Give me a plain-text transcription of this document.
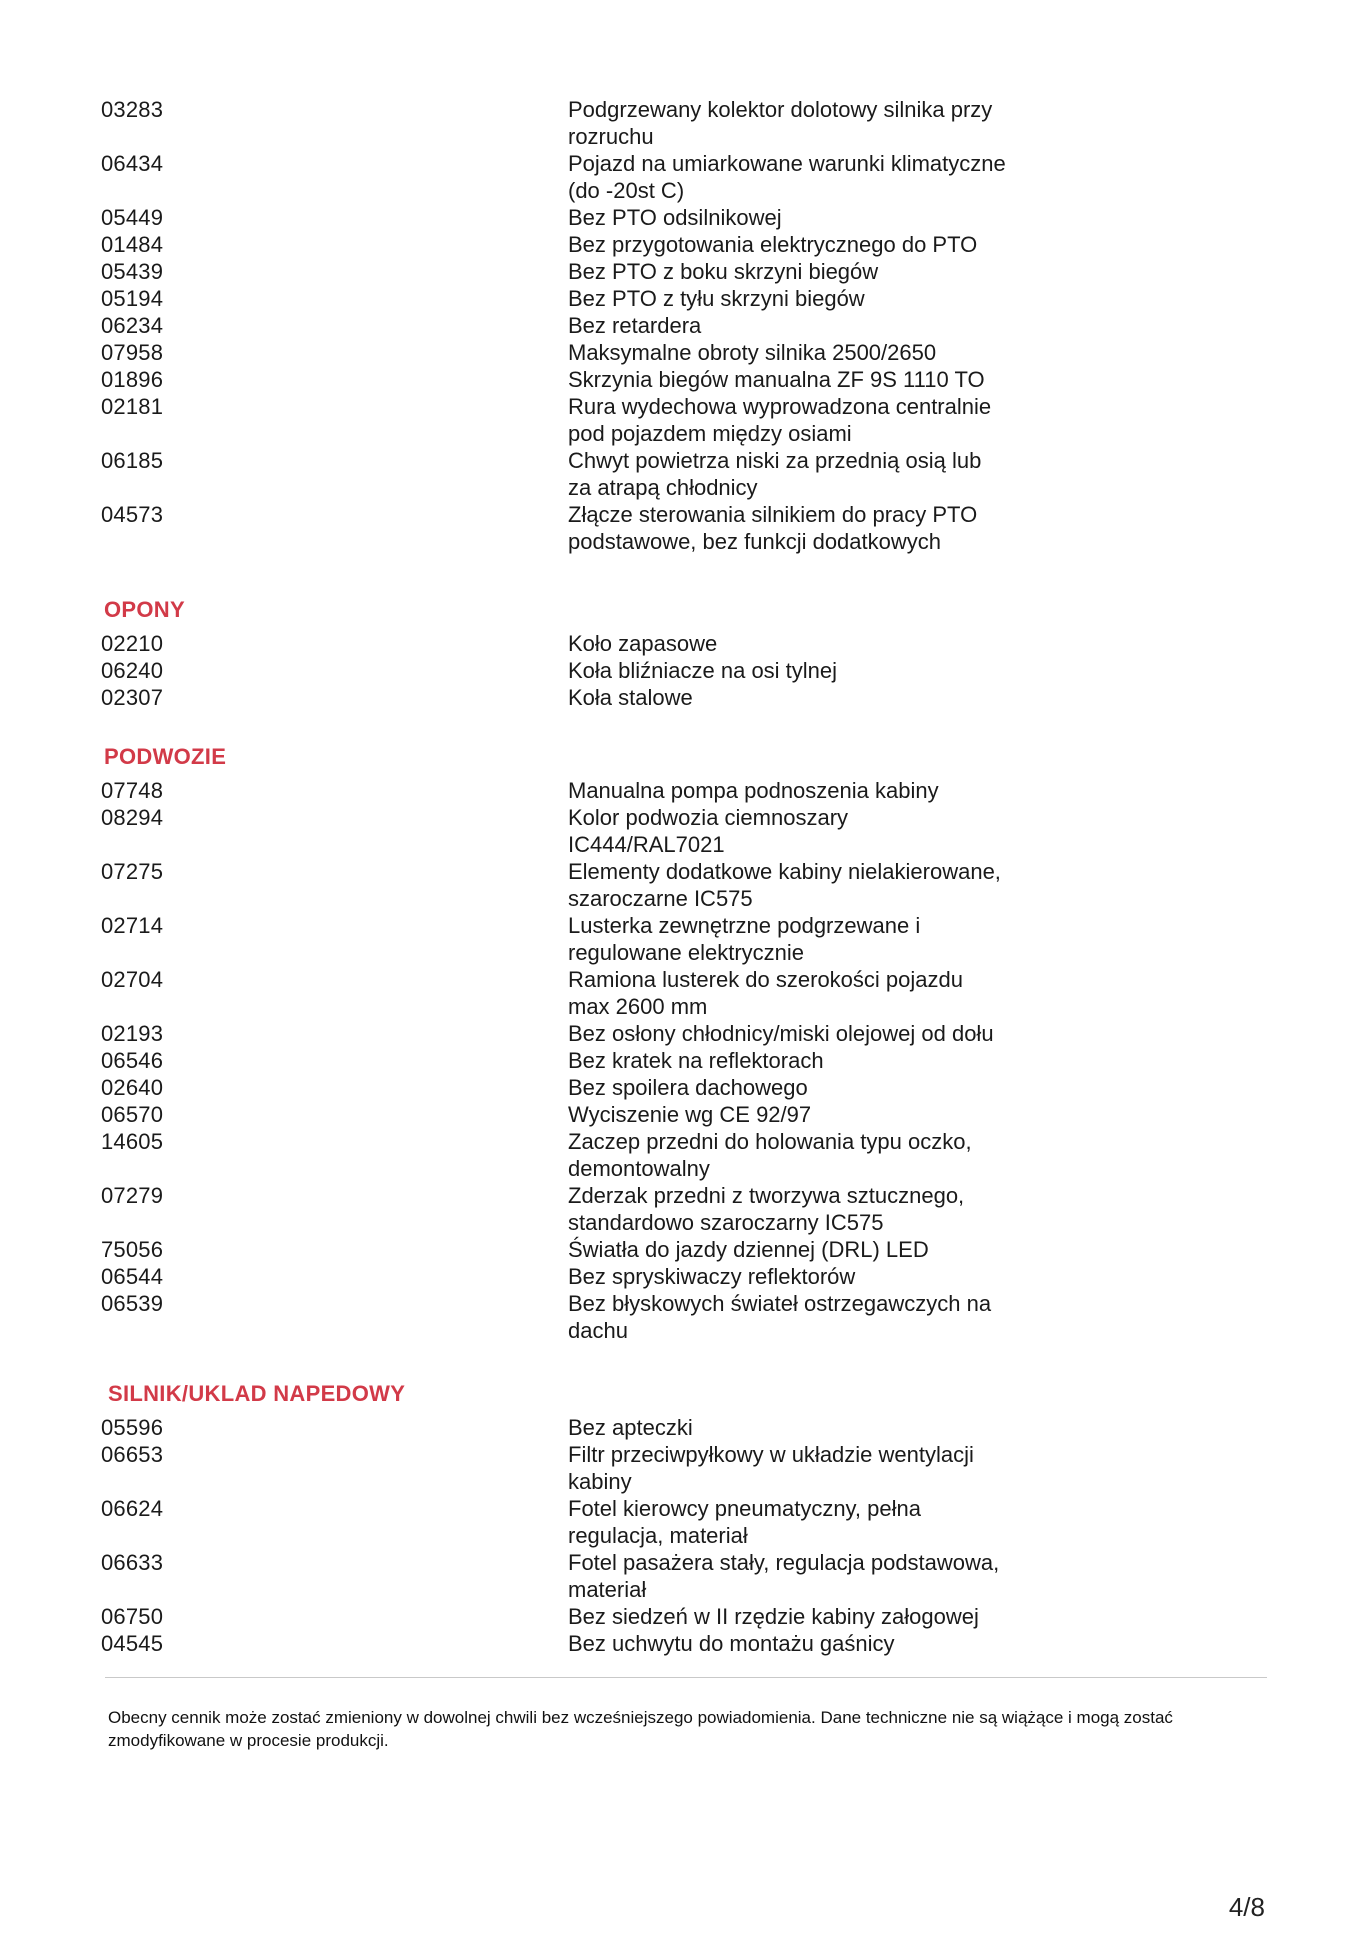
03283	Podgrzewany kolektor dolotowy silnika przy
rozruchu
06434	Pojazd na umiarkowane warunki klimatyczne
(do -20st C)
05449	Bez PTO odsilnikowej
01484	Bez przygotowania elektrycznego do PTO
05439	Bez PTO z boku skrzyni biegów
05194	Bez PTO z tyłu skrzyni biegów
06234	Bez retardera
07958	Maksymalne obroty silnika 2500/2650
01896	Skrzynia biegów manualna ZF 9S 1110 TO
02181	Rura wydechowa wyprowadzona centralnie
pod pojazdem między osiami
06185	Chwyt powietrza niski za przednią osią lub
za atrapą chłodnicy
04573	Złącze sterowania silnikiem do pracy PTO
podstawowe, bez funkcji dodatkowych
OPONY
02210	Koło zapasowe
06240	Koła bliźniacze na osi tylnej
02307	Koła stalowe
PODWOZIE
07748	Manualna pompa podnoszenia kabiny
08294	Kolor podwozia ciemnoszary
IC444/RAL7021
07275	Elementy dodatkowe kabiny nielakierowane,
szaroczarne IC575
02714	Lusterka zewnętrzne podgrzewane i
regulowane elektrycznie
02704	Ramiona lusterek do szerokości pojazdu
max 2600 mm
02193	Bez osłony chłodnicy/miski olejowej od dołu
06546	Bez kratek na reflektorach
02640	Bez spoilera dachowego
06570	Wyciszenie wg CE 92/97
14605	Zaczep przedni do holowania typu oczko,
demontowalny
07279	Zderzak przedni z tworzywa sztucznego,
standardowo szaroczarny IC575
75056	Światła do jazdy dziennej (DRL) LED
06544	Bez spryskiwaczy reflektorów
06539	Bez błyskowych świateł ostrzegawczych na
dachu
SILNIK/UKLAD NAPEDOWY
05596	Bez apteczki
06653	Filtr przeciwpyłkowy w układzie wentylacji
kabiny
06624	Fotel kierowcy pneumatyczny, pełna
regulacja, materiał
06633	Fotel pasażera stały, regulacja podstawowa,
materiał
06750	Bez siedzeń w II rzędzie kabiny załogowej
04545	Bez uchwytu do montażu gaśnicy
Obecny cennik może zostać zmieniony w dowolnej chwili bez wcześniejszego powiadomienia. Dane techniczne nie są wiążące i mogą zostać zmodyfikowane w procesie produkcji.
4/8
